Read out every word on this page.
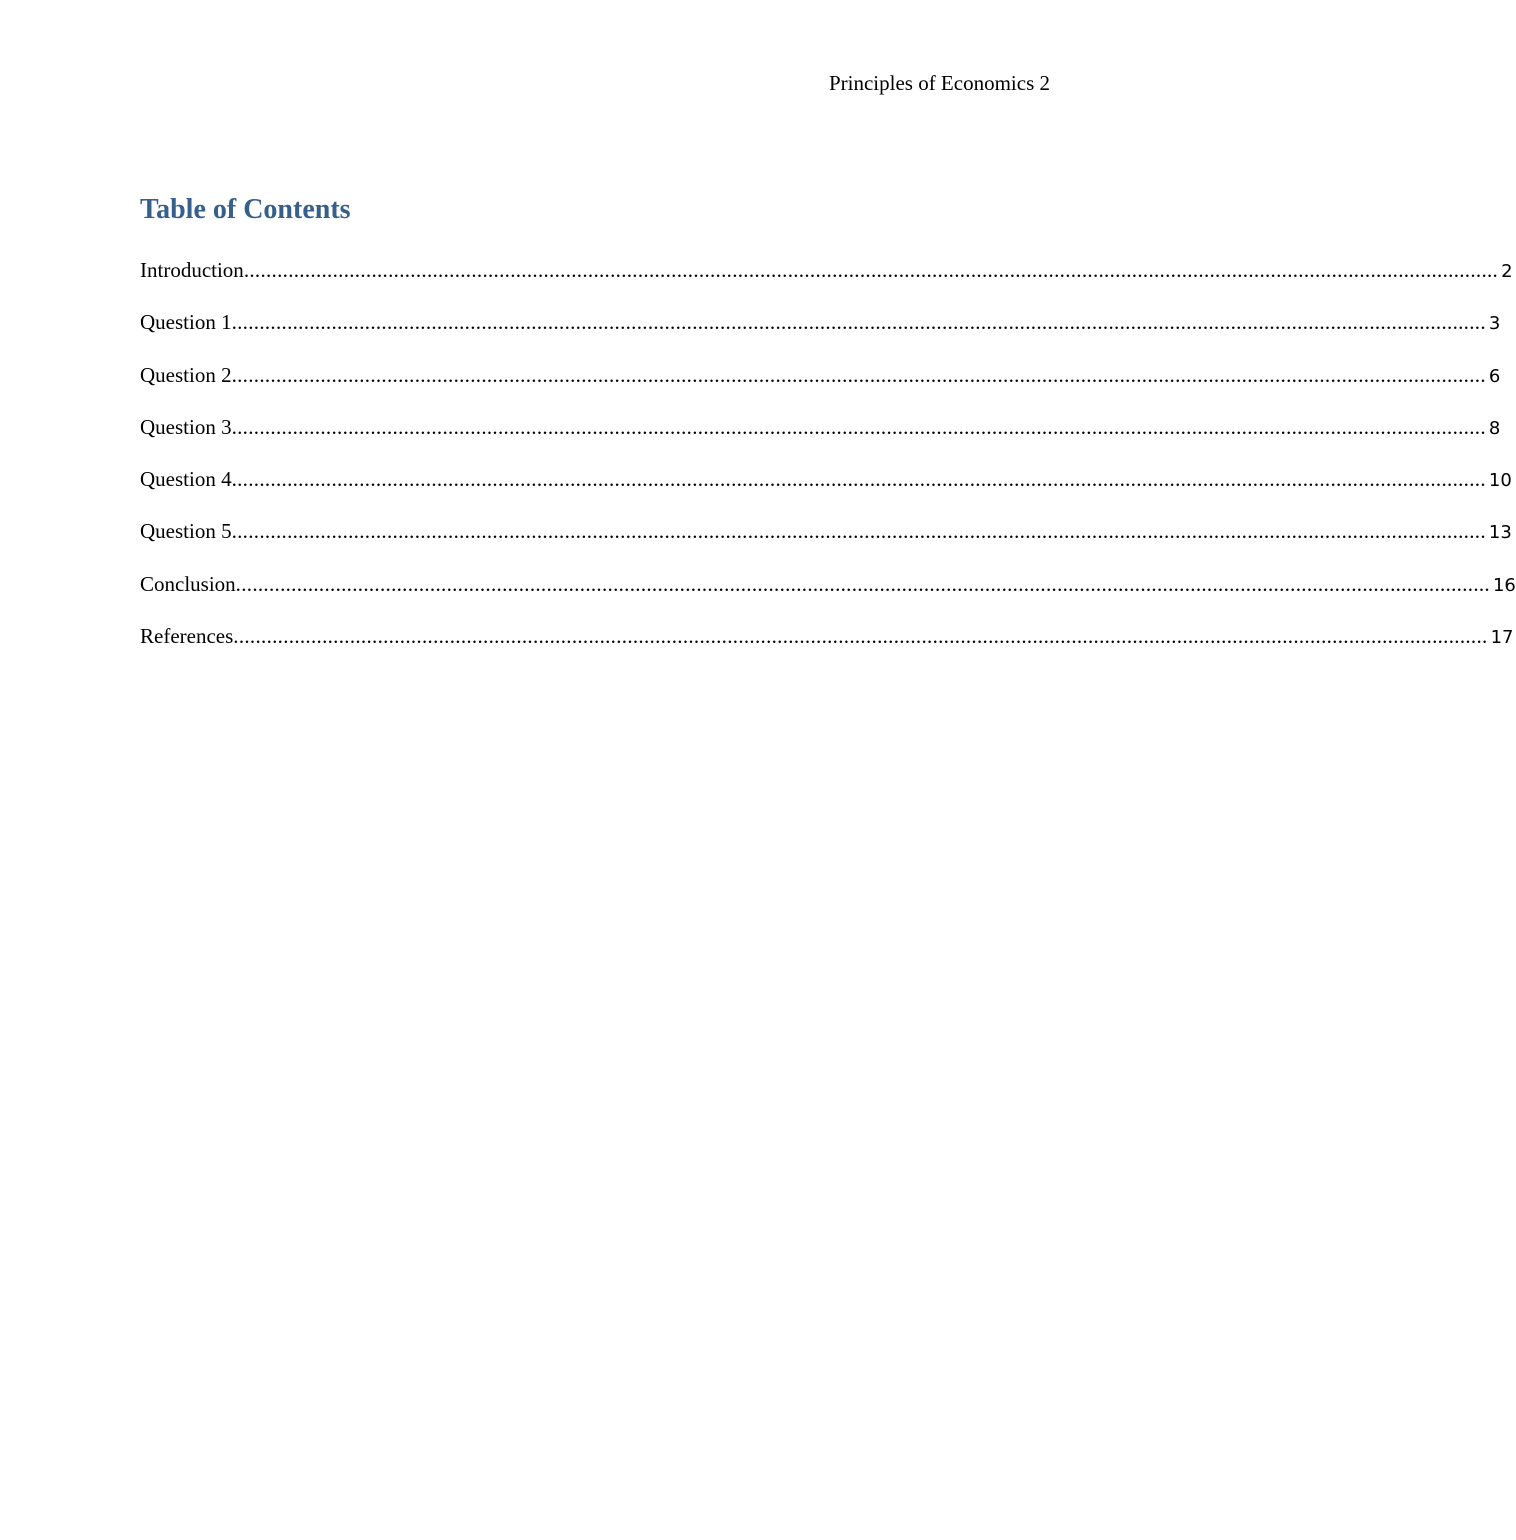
Principles of Economics 2
Table of Contents
Introduction .................................................................................................................................................................................................................................. 2
Question 1 .................................................................................................................................................................................................................................. 3
Question 2 .................................................................................................................................................................................................................................. 6
Question 3 .................................................................................................................................................................................................................................. 8
Question 4 .................................................................................................................................................................................................................................. 10
Question 5 .................................................................................................................................................................................................................................. 13
Conclusion .................................................................................................................................................................................................................................. 16
References .................................................................................................................................................................................................................................. 17
